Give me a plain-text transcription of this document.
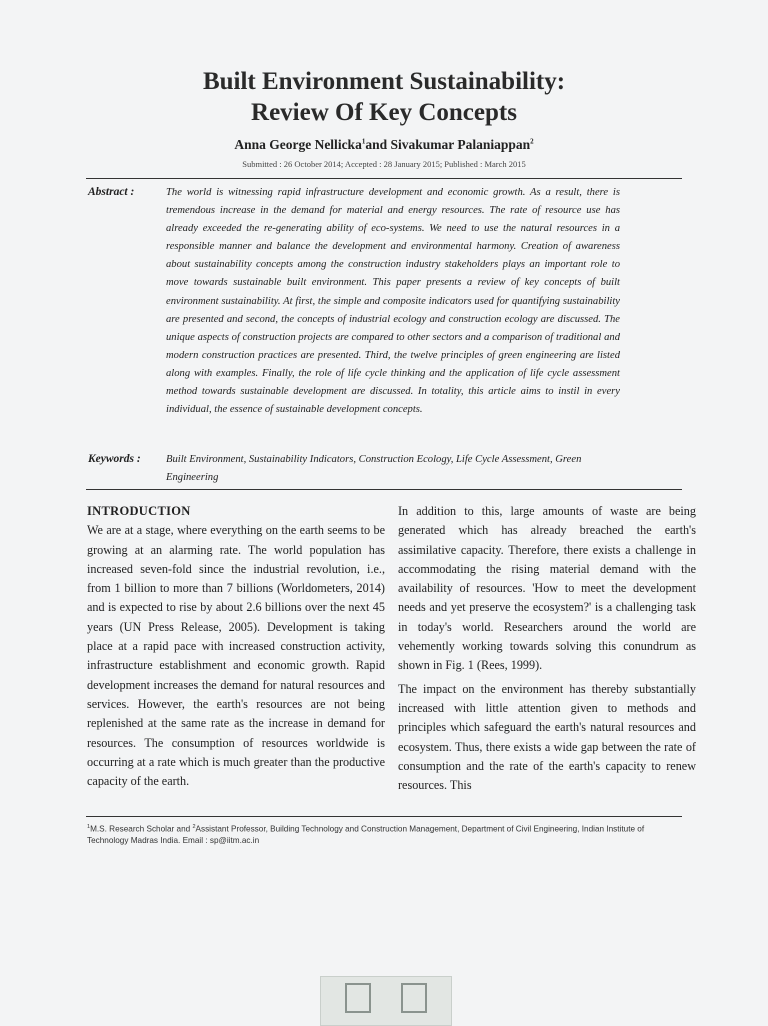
Built Environment Sustainability:
Review Of Key Concepts
Anna George Nellicka$^1$and Sivakumar Palaniappan$^2$
Submitted : 26 October 2014; Accepted : 28 January 2015; Published : March 2015
Abstract :	The world is witnessing rapid infrastructure development and economic growth. As a result, there is tremendous increase in the demand for material and energy resources. The rate of resource use has already exceeded the re-generating ability of eco-systems. We need to use the natural resources in a responsible manner and balance the development and environmental harmony. Creation of awareness about sustainability concepts among the construction industry stakeholders plays an important role to move towards sustainable built environment. This paper presents a review of key concepts of built environment sustainability. At first, the simple and composite indicators used for quantifying sustainability are presented and second, the concepts of industrial ecology and construction ecology are discussed. The unique aspects of construction projects are compared to other sectors and a comparison of traditional and modern construction practices are presented. Third, the twelve principles of green engineering are listed along with examples. Finally, the role of life cycle thinking and the application of life cycle assessment method towards sustainable development are discussed. In totality, this article aims to instil in every individual, the essence of sustainable development concepts.
Keywords : Built Environment, Sustainability Indicators, Construction Ecology, Life Cycle Assessment, Green Engineering

INTRODUCTION

We are at a stage, where everything on the earth seems to be growing at an alarming rate. The world population has increased seven-fold since the industrial revolution, i.e., from 1 billion to more than 7 billions (Worldometers, 2014) and is expected to rise by about 2.6 billions over the next 45 years (UN Press Release, 2005). Development is taking place at a rapid pace with increased construction activity, infrastructure establishment and economic growth. Rapid development increases the demand for natural resources and services. However, the earth's resources are not being replenished at the same rate as the increase in demand for resources. The consumption of resources worldwide is occurring at a rate which is much greater than the productive capacity of the earth.

In addition to this, large amounts of waste are being generated which has already breached the earth's assimilative capacity. Therefore, there exists a challenge in accommodating the rising material demand with the availability of resources. 'How to meet the development needs and yet preserve the ecosystem?' is a challenging task in today's world. Researchers around the world are vehemently working towards solving this conundrum as shown in Fig. 1 (Rees, 1999).

The impact on the environment has thereby substantially increased with little attention given to methods and principles which safeguard the earth's natural resources and ecosystem. Thus, there exists a wide gap between the rate of consumption and the rate of the earth's capacity to renew resources. This

$^1$M.S. Research Scholar and $^2$Assistant Professor, Building Technology and Construction Management, Department of Civil Engineering, Indian Institute of Technology Madras India. Email : sp@iitm.ac.in
